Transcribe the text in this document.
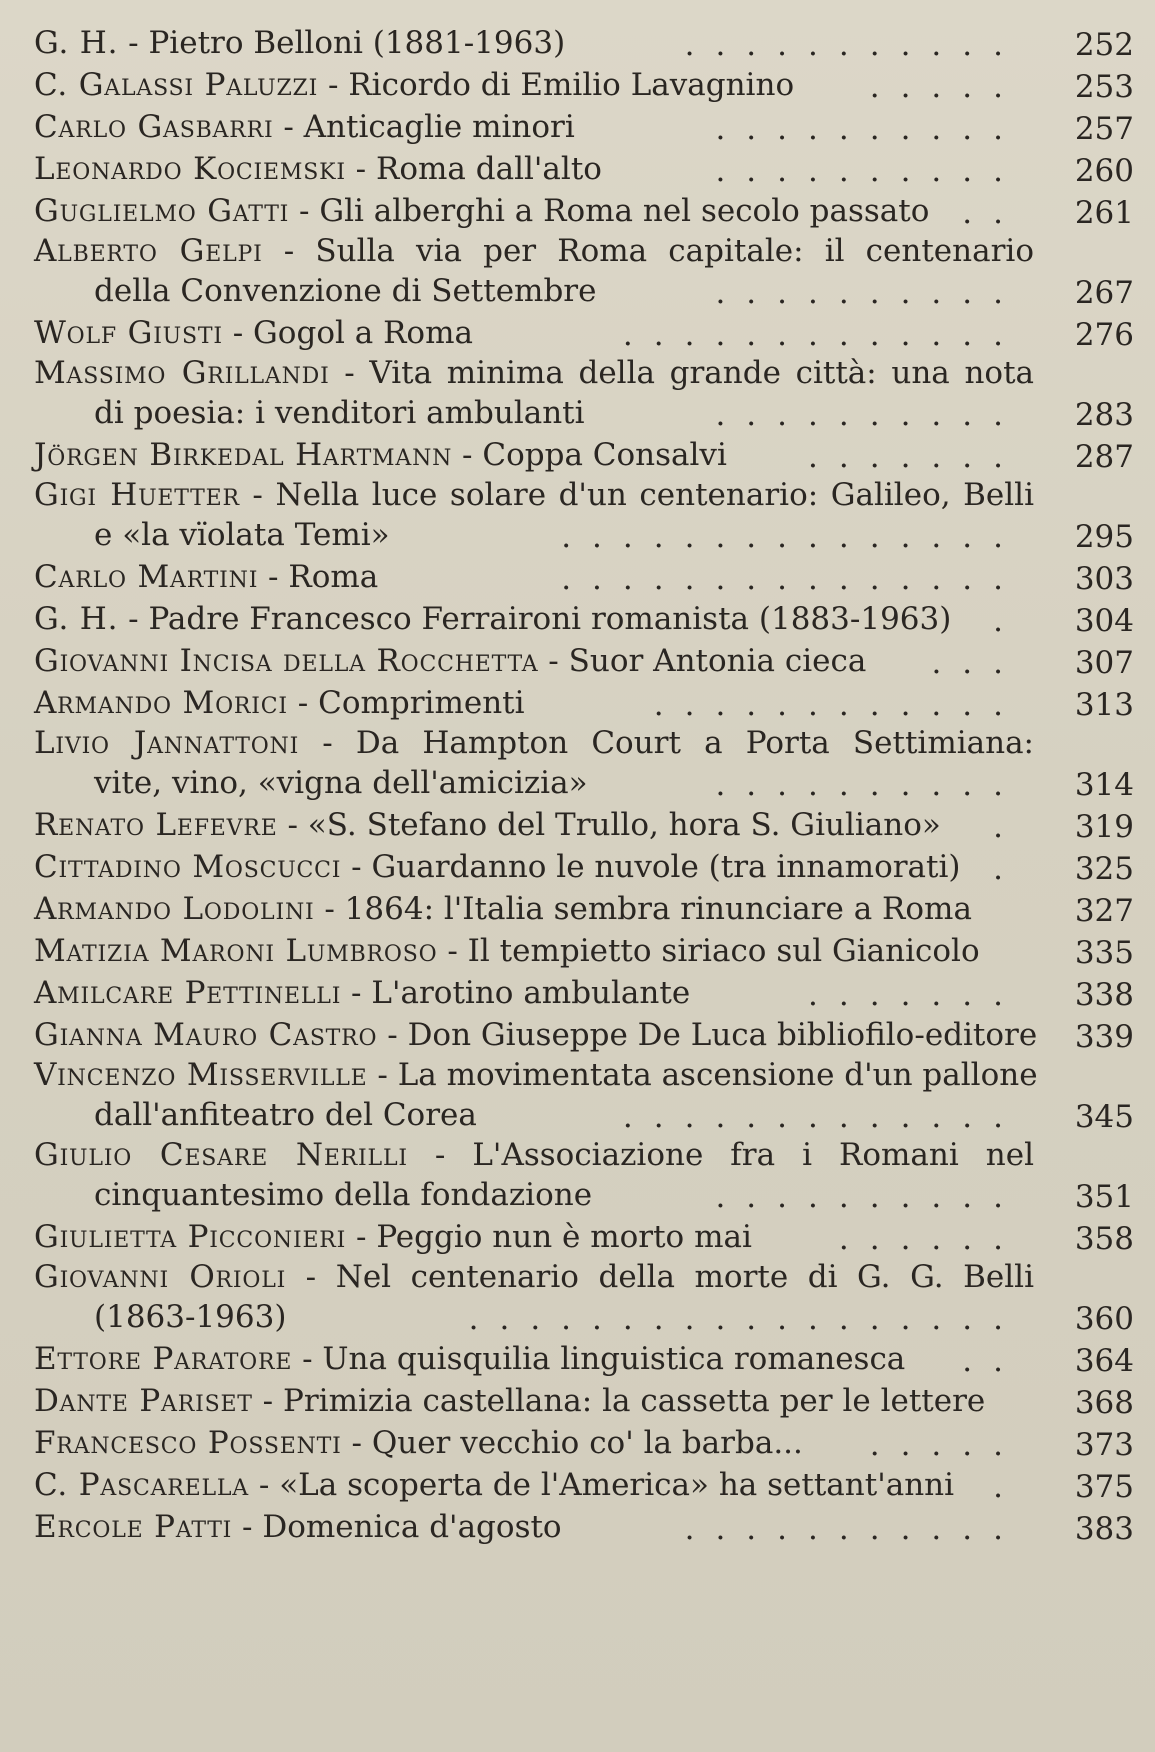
G. H. - Pietro Belloni (1881-1963)	...........	252
C. Galassi Paluzzi - Ricordo di Emilio Lavagnino .....	253
Carlo Gasbarri - Anticaglie minori	..........	257
Leonardo Kociemski - Roma dall'alto	..........	260
Guglielmo Gatti - Gli alberghi a Roma nel secolo passato ..	261
Alberto Gelpi - Sulla via per Roma capitale: il centenario
della Convenzione di Settembre	..........	267
Wolf Giusti - Gogol a Roma	.............	276
Massimo Grillandi - Vita minima della grande città: una nota
di poesia: i venditori ambulanti	..........	283
Jörgen Birkedal Hartmann - Coppa Consalvi	.......	287
Gigi Huetter - Nella luce solare d'un centenario: Galileo, Belli
e «la vïolata Temi»	...............	295
Carlo Martini - Roma	...............	303
G. H. - Padre Francesco Ferraironi romanista (1883-1963) .	304
Giovanni Incisa della Rocchetta - Suor Antonia cieca ...	307
Armando Morici - Comprimenti	............	313
Livio Jannattoni - Da Hampton Court a Porta Settimiana:
vite, vino, «vigna dell'amicizia»	..........	314
Renato Lefevre - «S. Stefano del Trullo, hora S. Giuliano» .	319
Cittadino Moscucci - Guardanno le nuvole (tra innamorati) .	325
Armando Lodolini - 1864: l'Italia sembra rinunciare a Roma	327
Matizia Maroni Lumbroso - Il tempietto siriaco sul Gianicolo	335
Amilcare Pettinelli - L'arotino ambulante	.......	338
Gianna Mauro Castro - Don Giuseppe De Luca bibliofilo-editore	339
Vincenzo Misserville - La movimentata ascensione d'un pallone
dall'anfiteatro del Corea	.............	345
Giulio Cesare Nerilli - L'Associazione fra i Romani nel
cinquantesimo della fondazione	..........	351
Giulietta Picconieri - Peggio nun è morto mai	......	358
Giovanni Orioli - Nel centenario della morte di G. G. Belli
(1863-1963)	..................	360
Ettore Paratore - Una quisquilia linguistica romanesca ..	364
Dante Pariset - Primizia castellana: la cassetta per le lettere	368
Francesco Possenti - Quer vecchio co' la barba... .....	373
C. Pascarella - «La scoperta de l'America» ha settant'anni .	375
Ercole Patti - Domenica d'agosto	...........	383
